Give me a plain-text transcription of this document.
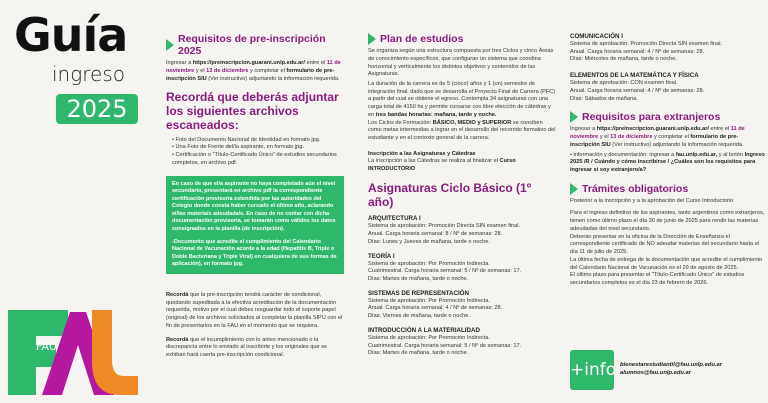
Guía
ingreso
2025
FAU
Requisitos de pre-inscripción 2025

Ingresar a https://preinscripcion.guarani.unlp.edu.ar/ entre el 11 de noviembre y el 13 de diciembre y completar el formulario de pre-inscripción SIU (Ver instructivo) adjuntando la información requerida.

Recordá que deberás adjuntar los siguientes archivos escaneados:
• Foto del Documento Nacional de Identidad en formato jpg.
• Una Foto de Frente del/la aspirante, en formato jpg.
• Certificación o "Título-Certificado Único" de estudios secundarios completos, en archivo pdf.

En caso de que el/a aspirante no haya completado aún el nivel secundario, presentará en archivo pdf la correspondiente certificación provisoria extendida por las autoridades del Colegio donde consta haber cursado el último año, aclarando el/las materia/s adeudada/s. En caso de no contar con dicha documentación provisoria, se tomarán como válidos los datos consignados en la planilla (de inscripción).

-Documento que acredite el cumplimiento del Calendario Nacional de Vacunación acorde a la edad (Hepatitis B, Triple o Doble Bacteriana y Triple Viral) en cualquiera de sus formas de aplicación), en formato jpg.

Recordá que la pre-inscripción tendrá carácter de condicional, quedando supeditada a la efectiva acreditación de la documentación requerida, motivo por el cual debes resguardar todo el soporte papel (original) de los archivos solicitados al completar la planilla SIPU con el fin de presentarlos en la FAU en el momento que se requiera.

Recordá que el incumplimiento con lo antes mencionado o la discrepancia entre lo enviado al inscribirte y los originales que se exhiban hará caerla pre-inscripción condicional.

Plan de estudios

Se organiza según una estructura compuesta por tres Ciclos y cinco Áreas de conocimiento específicos, que configuran un sistema que coordina horizontal y verticalmente los distintos objetivos y contenidos de las Asignaturas.

La duración de la carrera es de 5 (cinco) años y 1 (un) semestre de integración final, dado que se desarrolla el Proyecto Final de Carrera (PFC) a partir del cual se obtiene el egreso. Contempla 34 asignaturas con una carga total de 4150 hs y permite cursarse con libre elección de cátedras y en tres bandas horarias: mañana, tarde y noche.

Los Ciclos de Formación: BÁSICO, MEDIO y SUPERIOR se conciben como metas intermedias a lograr en el desarrollo del recorrido formativo del estudiante y en el contexto general de la carrera.

Inscripción a las Asignaturas y Cátedras

La inscripción a las Cátedras se realiza al finalizar el Curso INTRODUCTORIO

Asignaturas Ciclo Básico (1º año)
ARQUITECTURA I

Sistema de aprobación: Promoción Directa SIN examen final.

Anual. Carga horaria semanal: 8 / Nº de semanas: 28.

Días: Lunes y Jueves de mañana, tarde o noche.

TEORÍA I

Sistema de aprobación: Por Promoción Indirecta.

Cuatrimestral. Carga horaria semanal: 5 / Nº de semanas: 17.

Días: Martes de mañana, tarde o noche.

SISTEMAS DE REPRESENTACIÓN

Sistema de aprobación: Por Promoción Indirecta.

Anual. Carga horaria semanal: 4 / Nº de semanas: 28.

Días: Viernes de mañana, tarde o noche.

INTRODUCCIÓN A LA MATERIALIDAD

Sistema de aprobación: Por Promoción Indirecta.

Cuatrimestral. Carga horaria semanal: 5 / Nº de semanas: 17.

Días: Martes de mañana, tarde o noche.

COMUNICACIÓN I

Sistema de aprobación: Promoción Directa SIN examen final.

Anual. Carga horaria semanal: 4 / Nº de semanas: 28.

Días: Miércoles de mañana, tarde o noche.

ELEMENTOS DE LA MATEMÁTICA Y FÍSICA

Sistema de aprobación: CON examen final.

Anual. Carga horaria semanal: 4 / Nº de semanas: 28.

Días: Sábados de mañana.

Requisitos para extranjeros

Ingresar a https://preinscripcion.guarani.unlp.edu.ar/ entre el 11 de noviembre y el 13 de diciembre y completar el formulario de pre-inscripción SIU (Ver instructivo) adjuntando la información requerida.

• información y documentación: ingresar a fau.unlp.edu.ar, y al botón Ingreso 2025 /R / Cuándo y cómo inscribirse / ¿Cuáles son los requisitos para ingresar si soy extranjero/a?

Trámites obligatorios

Posterior a la inscripción y a la aprobación del Curso Introductorio

Para el ingreso definitivo de los aspirantes, tanto argentinos como extranjeros, tienen como último plazo el día 30 de junio de 2025 para rendir las materias adeudadas del nivel secundario.

Deberán presentar en la oficina de la Dirección de Enseñanza el correspondiente certificado de NO adeudar materias del secundario hasta el día 11 de julio de 2025.

La última fecha de entrega de la documentación que acredite el cumplimiento del Calendario Nacional de Vacunación es el 29 de agosto de 2025.

El último plazo para presentar el "Título-Certificado Único" de estudios secundarios completos es el día 23 de febrero de 2026.

+info bienestarestudiantil@fau.unlp.edu.ar

alumnos@fau.unlp.edu.ar
